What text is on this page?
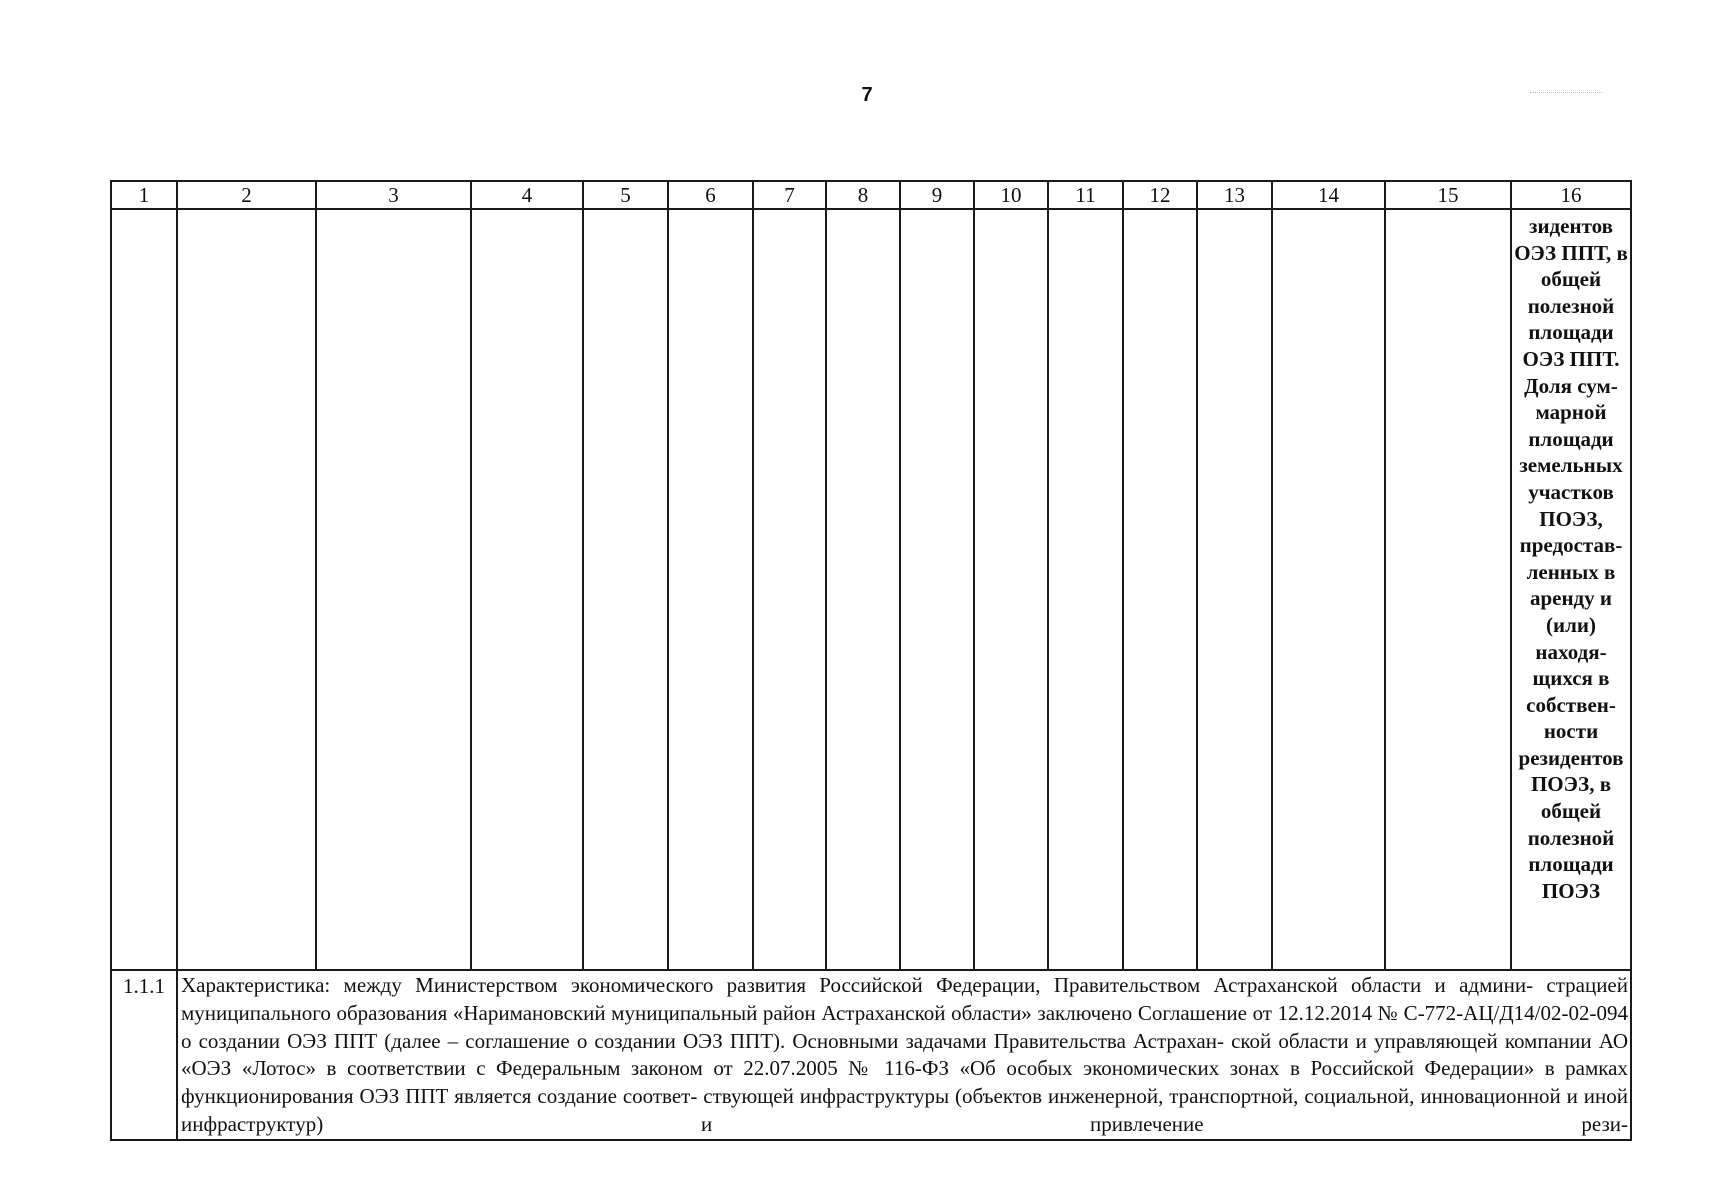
7
1	2	3	4	5	6	7	8	9	10	11	12	13	14	15	16
															зидентов ОЭЗ ППТ, в общей полезной площади ОЭЗ ППТ. Доля сум- марной площади земельных участков ПОЭЗ, предостав- ленных в аренду и (или) находя- щихся в собствен- ности резидентов ПОЭЗ, в общей полезной площади ПОЭЗ
1.1.1	Характеристика: между Министерством экономического развития Российской Федерации, Правительством Астраханской области и админи- страцией муниципального образования «Наримановский муниципальный район Астраханской области» заключено Соглашение от 12.12.2014 № С-772-АЦ/Д14/02-02-094 о создании ОЭЗ ППТ (далее – соглашение о создании ОЭЗ ППТ). Основными задачами Правительства Астрахан- ской области и управляющей компании АО «ОЭЗ «Лотос» в соответствии с Федеральным законом от 22.07.2005 № 116-ФЗ «Об особых экономических зонах в Российской Федерации» в рамках функционирования ОЭЗ ППТ является создание соответ- ствующей инфраструктуры (объектов инженерной, транспортной, социальной, инновационной и иной инфраструктур) и привлечение рези-														
